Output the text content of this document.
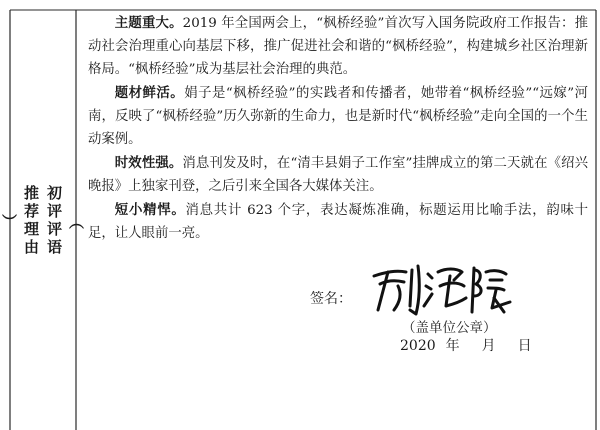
（
初评评语
推荐理由
）

主题重大。2019 年全国两会上，“枫桥经验”首次写入国务院政府工作报告：推动社会治理重心向基层下移，推广促进社会和谐的“枫桥经验”，构建城乡社区治理新格局。“枫桥经验”成为基层社会治理的典范。

题材鲜活。娟子是“枫桥经验”的实践者和传播者，她带着“枫桥经验”“远嫁”河南，反映了“枫桥经验”历久弥新的生命力，也是新时代“枫桥经验”走向全国的一个生动案例。

时效性强。消息刊发及时，在“清丰县娟子工作室”挂牌成立的第二天就在《绍兴晚报》上独家刊登，之后引来全国各大媒体关注。

短小精悍。消息共计 623 个字，表达凝炼准确，标题运用比喻手法，韵味十足，让人眼前一亮。

签名：
（盖单位公章）
2020 年 月 日
